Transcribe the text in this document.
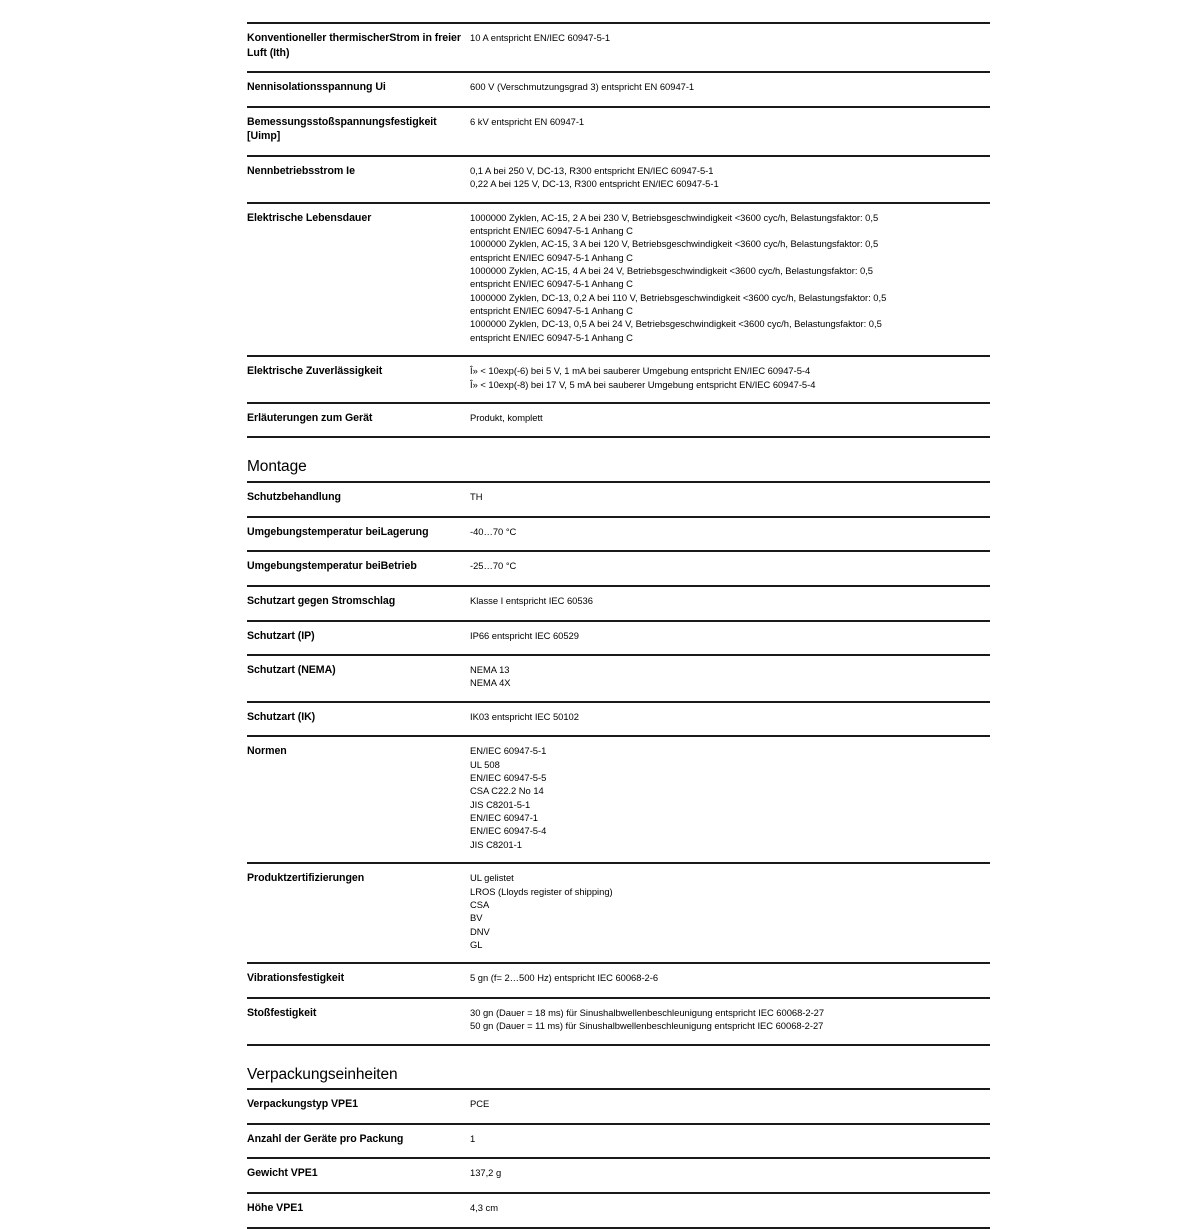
Konventioneller thermischerStrom in freier Luft (Ith)	10 A entspricht EN/IEC 60947-5-1

Nennisolationsspannung Ui	600 V (Verschmutzungsgrad 3) entspricht EN 60947-1

Bemessungsstoßspannungsfestigkeit
[Uimp]	6 kV entspricht EN 60947-1

Nennbetriebsstrom Ie	0,1 A bei 250 V, DC-13, R300 entspricht EN/IEC 60947-5-1
0,22 A bei 125 V, DC-13, R300 entspricht EN/IEC 60947-5-1

Elektrische Lebensdauer	1000000 Zyklen, AC-15, 2 A bei 230 V, Betriebsgeschwindigkeit <3600 cyc/h, Belastungsfaktor: 0,5
entspricht EN/IEC 60947-5-1 Anhang C
1000000 Zyklen, AC-15, 3 A bei 120 V, Betriebsgeschwindigkeit <3600 cyc/h, Belastungsfaktor: 0,5
entspricht EN/IEC 60947-5-1 Anhang C
1000000 Zyklen, AC-15, 4 A bei 24 V, Betriebsgeschwindigkeit <3600 cyc/h, Belastungsfaktor: 0,5
entspricht EN/IEC 60947-5-1 Anhang C
1000000 Zyklen, DC-13, 0,2 A bei 110 V, Betriebsgeschwindigkeit <3600 cyc/h, Belastungsfaktor: 0,5
entspricht EN/IEC 60947-5-1 Anhang C
1000000 Zyklen, DC-13, 0,5 A bei 24 V, Betriebsgeschwindigkeit <3600 cyc/h, Belastungsfaktor: 0,5
entspricht EN/IEC 60947-5-1 Anhang C

Elektrische Zuverlässigkeit	Î» < 10exp(-6) bei 5 V, 1 mA bei sauberer Umgebung entspricht EN/IEC 60947-5-4
Î» < 10exp(-8) bei 17 V, 5 mA bei sauberer Umgebung entspricht EN/IEC 60947-5-4

Erläuterungen zum Gerät	Produkt, komplett
Montage
Schutzbehandlung	TH

Umgebungstemperatur beiLagerung	-40…70 °C

Umgebungstemperatur beiBetrieb	-25…70 °C

Schutzart gegen Stromschlag	Klasse I entspricht IEC 60536

Schutzart (IP)	IP66 entspricht IEC 60529

Schutzart (NEMA)	NEMA 13
NEMA 4X

Schutzart (IK)	IK03 entspricht IEC 50102

Normen	EN/IEC 60947-5-1
UL 508
EN/IEC 60947-5-5
CSA C22.2 No 14
JIS C8201-5-1
EN/IEC 60947-1
EN/IEC 60947-5-4
JIS C8201-1

Produktzertifizierungen	UL gelistet
LROS (Lloyds register of shipping)
CSA
BV
DNV
GL

Vibrationsfestigkeit	5 gn (f= 2…500 Hz) entspricht IEC 60068-2-6

Stoßfestigkeit	30 gn (Dauer = 18 ms) für Sinushalbwellenbeschleunigung entspricht IEC 60068-2-27
50 gn (Dauer = 11 ms) für Sinushalbwellenbeschleunigung entspricht IEC 60068-2-27
Verpackungseinheiten
Verpackungstyp VPE1	PCE

Anzahl der Geräte pro Packung	1

Gewicht VPE1	137,2 g

Höhe VPE1	4,3 cm
